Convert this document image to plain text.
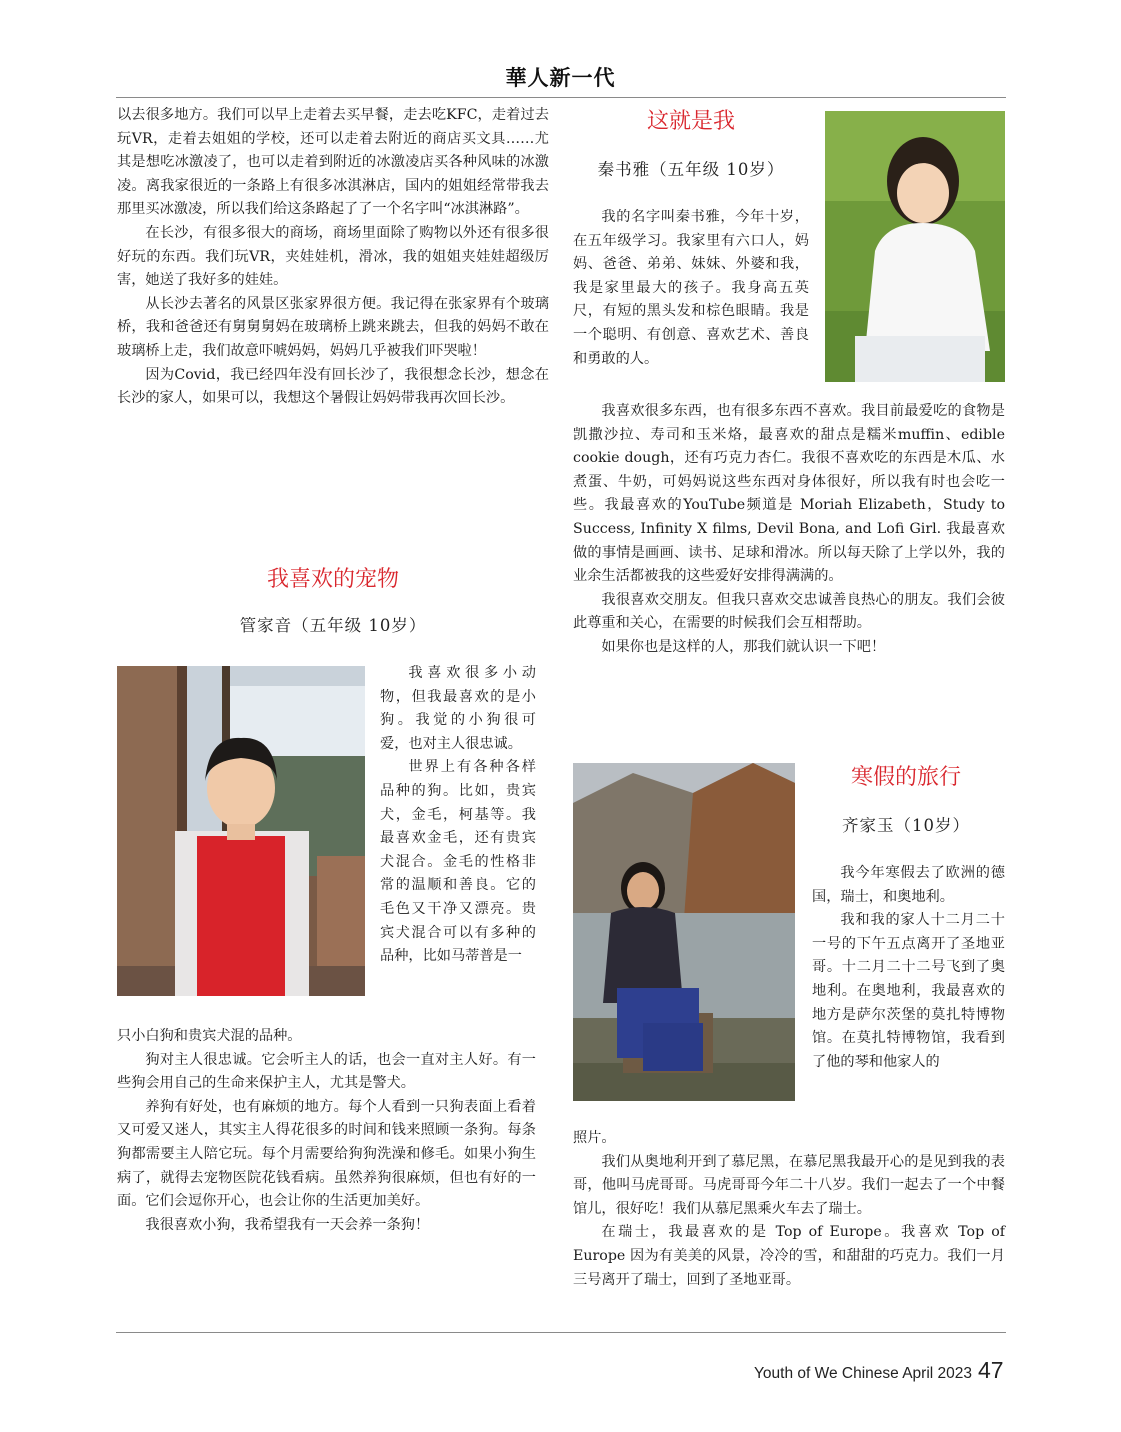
華人新一代

以去很多地方。我们可以早上走着去买早餐，走去吃KFC，走着过去玩VR，走着去姐姐的学校，还可以走着去附近的商店买文具……尤其是想吃冰激凌了，也可以走着到附近的冰激凌店买各种风味的冰激凌。离我家很近的一条路上有很多冰淇淋店，国内的姐姐经常带我去那里买冰激凌，所以我们给这条路起了了一个名字叫“冰淇淋路”。

在长沙，有很多很大的商场，商场里面除了购物以外还有很多很好玩的东西。我们玩VR，夹娃娃机，滑冰，我的姐姐夹娃娃超级厉害，她送了我好多的娃娃。

从长沙去著名的风景区张家界很方便。我记得在张家界有个玻璃桥，我和爸爸还有舅舅舅妈在玻璃桥上跳来跳去，但我的妈妈不敢在玻璃桥上走，我们故意吓唬妈妈，妈妈几乎被我们吓哭啦！

因为Covid，我已经四年没有回长沙了，我很想念长沙，想念在长沙的家人，如果可以，我想这个暑假让妈妈带我再次回长沙。

我喜欢的宠物
管家音（五年级 10岁）

我喜欢很多小动物，但我最喜欢的是小狗。我觉的小狗很可爱，也对主人很忠诚。

世界上有各种各样品种的狗。比如，贵宾犬，金毛，柯基等。我最喜欢金毛，还有贵宾犬混合。金毛的性格非常的温顺和善良。它的毛色又干净又漂亮。贵宾犬混合可以有多种的品种，比如马蒂普是一

只小白狗和贵宾犬混的品种。

狗对主人很忠诚。它会听主人的话，也会一直对主人好。有一些狗会用自己的生命来保护主人，尤其是警犬。

养狗有好处，也有麻烦的地方。每个人看到一只狗表面上看着又可爱又迷人，其实主人得花很多的时间和钱来照顾一条狗。每条狗都需要主人陪它玩。每个月需要给狗狗洗澡和修毛。如果小狗生病了，就得去宠物医院花钱看病。虽然养狗很麻烦，但也有好的一面。它们会逗你开心，也会让你的生活更加美好。

我很喜欢小狗，我希望我有一天会养一条狗！

这就是我
秦书雅（五年级 10岁）

我的名字叫秦书雅，今年十岁，在五年级学习。我家里有六口人，妈妈、爸爸、弟弟、妹妹、外婆和我，我是家里最大的孩子。我身高五英尺，有短的黑头发和棕色眼睛。我是一个聪明、有创意、喜欢艺术、善良和勇敢的人。

我喜欢很多东西，也有很多东西不喜欢。我目前最爱吃的食物是凯撒沙拉、寿司和玉米烙，最喜欢的甜点是糯米muffin、edible cookie dough，还有巧克力杏仁。我很不喜欢吃的东西是木瓜、水煮蛋、牛奶，可妈妈说这些东西对身体很好，所以我有时也会吃一些。我最喜欢的YouTube频道是 Moriah Elizabeth，Study to Success, Infinity X films, Devil Bona, and Lofi Girl. 我最喜欢做的事情是画画、读书、足球和滑冰。所以每天除了上学以外，我的业余生活都被我的这些爱好安排得满满的。

我很喜欢交朋友。但我只喜欢交忠诚善良热心的朋友。我们会彼此尊重和关心，在需要的时候我们会互相帮助。

如果你也是这样的人，那我们就认识一下吧！

寒假的旅行
齐家玉（10岁）

我今年寒假去了欧洲的德国，瑞士，和奥地利。

我和我的家人十二月二十一号的下午五点离开了圣地亚哥。十二月二十二号飞到了奥地利。在奥地利，我最喜欢的地方是萨尔茨堡的莫扎特博物馆。在莫扎特博物馆，我看到了他的琴和他家人的

照片。

我们从奥地利开到了慕尼黑，在慕尼黑我最开心的是见到我的表哥，他叫马虎哥哥。马虎哥哥今年二十八岁。我们一起去了一个中餐馆儿，很好吃！我们从慕尼黑乘火车去了瑞士。

在瑞士，我最喜欢的是 Top of Europe。我喜欢 Top of Europe 因为有美美的风景，冷冷的雪，和甜甜的巧克力。我们一月三号离开了瑞士，回到了圣地亚哥。

Youth of We Chinese April 2023 47
